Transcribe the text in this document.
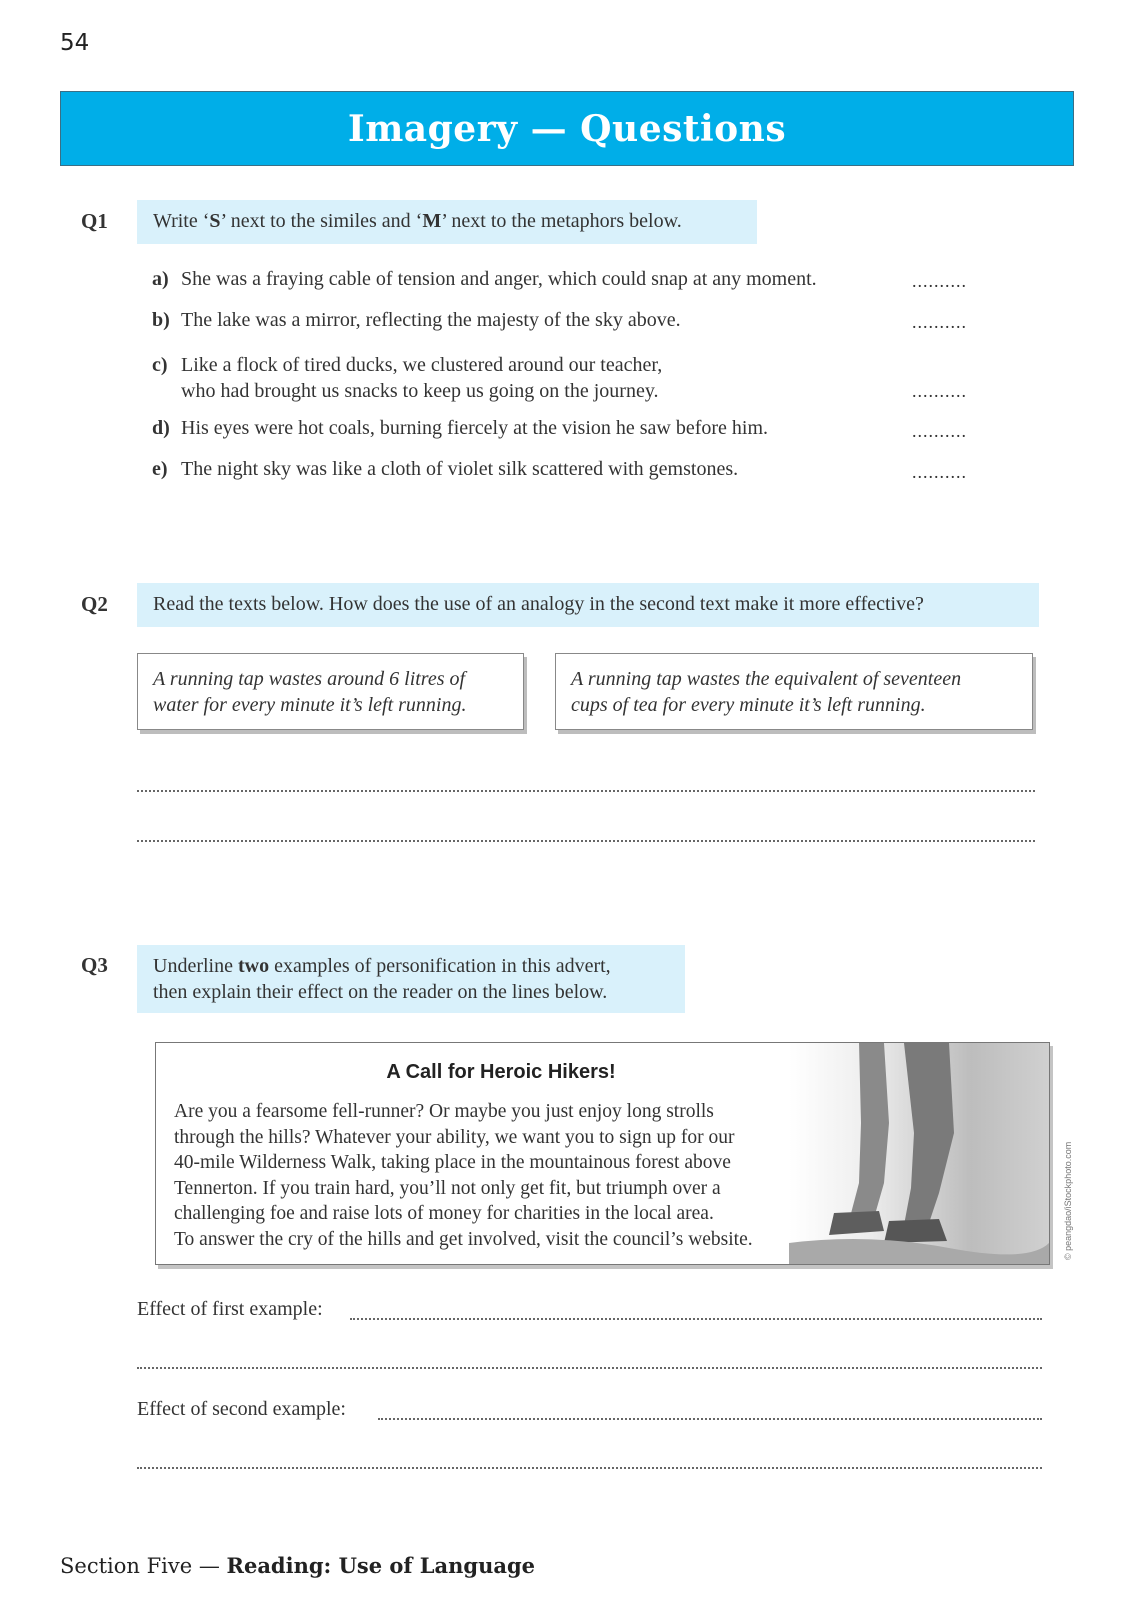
54
Imagery — Questions
Q1	Write ‘S’ next to the similes and ‘M’ next to the metaphors below.
a) She was a fraying cable of tension and anger, which could snap at any moment.	..........
b) The lake was a mirror, reflecting the majesty of the sky above.	..........
c) Like a flock of tired ducks, we clustered around our teacher,
who had brought us snacks to keep us going on the journey.	..........
d) His eyes were hot coals, burning fiercely at the vision he saw before him.	..........
e) The night sky was like a cloth of violet silk scattered with gemstones.	..........
Q2	Read the texts below. How does the use of an analogy in the second text make it more effective?
A running tap wastes around 6 litres of
water for every minute it’s left running.
A running tap wastes the equivalent of seventeen
cups of tea for every minute it’s left running.
Q3 Underline two examples of personification in this advert,
then explain their effect on the reader on the lines below.
A Call for Heroic Hikers!
Are you a fearsome fell-runner? Or maybe you just enjoy long strolls
through the hills? Whatever your ability, we want you to sign up for our
40-mile Wilderness Walk, taking place in the mountainous forest above
Tennerton. If you train hard, you’ll not only get fit, but triumph over a
challenging foe and raise lots of money for charities in the local area.
To answer the cry of the hills and get involved, visit the council’s website.	© peangdao/iStockphoto.com
Effect of first example:
Effect of second example:
Section Five — Reading: Use of Language
